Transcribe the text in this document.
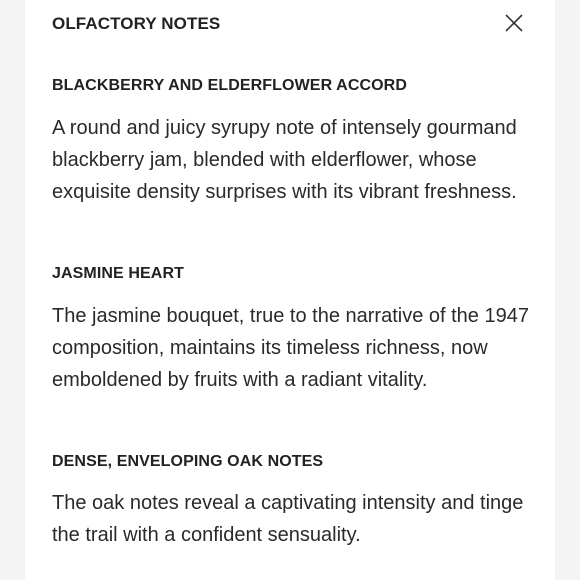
OLFACTORY NOTES
BLACKBERRY AND ELDERFLOWER ACCORD
A round and juicy syrupy note of intensely gourmand blackberry jam, blended with elderflower, whose exquisite density surprises with its vibrant freshness.
JASMINE HEART
The jasmine bouquet, true to the narrative of the 1947 composition, maintains its timeless richness, now emboldened by fruits with a radiant vitality.
DENSE, ENVELOPING OAK NOTES
The oak notes reveal a captivating intensity and tinge the trail with a confident sensuality.
